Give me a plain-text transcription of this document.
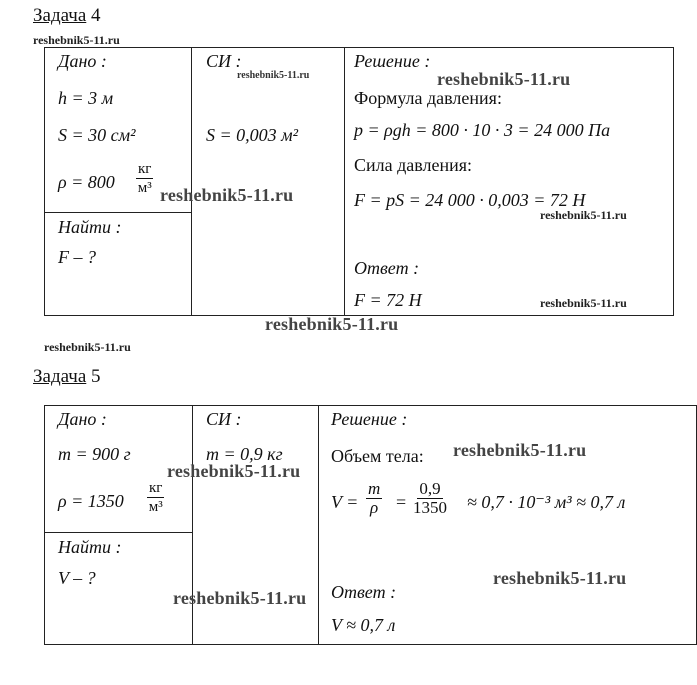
Задача 4
reshebnik5-11.ru
Дано :
h = 3 м
S = 30 см²
ρ = 800
кг
м³
Найти :
F – ?
СИ :
reshebnik5-11.ru
S = 0,003 м²
Решение :
reshebnik5-11.ru
Формула давления:
p = ρgh = 800 · 10 · 3 = 24 000 Па
Сила давления:
F = pS = 24 000 · 0,003 = 72 Н
reshebnik5-11.ru
Ответ :
F = 72 Н	reshebnik5-11.ru
reshebnik5-11.ru
reshebnik5-11.ru
reshebnik5-11.ru
Задача 5
Дано :
m = 900 г
ρ = 1350
кг
м³
Найти :
V – ?
СИ :
m = 0,9 кг
Решение :
Объем тела: reshebnik5-11.ru
$V = \frac{m}{\rho} = \frac{0,9}{1350} \approx 0,7 \cdot 10^{-3}$ м³ ≈ 0,7 л
reshebnik5-11.ru
reshebnik5-11.ru
reshebnik5-11.ru Ответ :
V ≈ 0,7 л
